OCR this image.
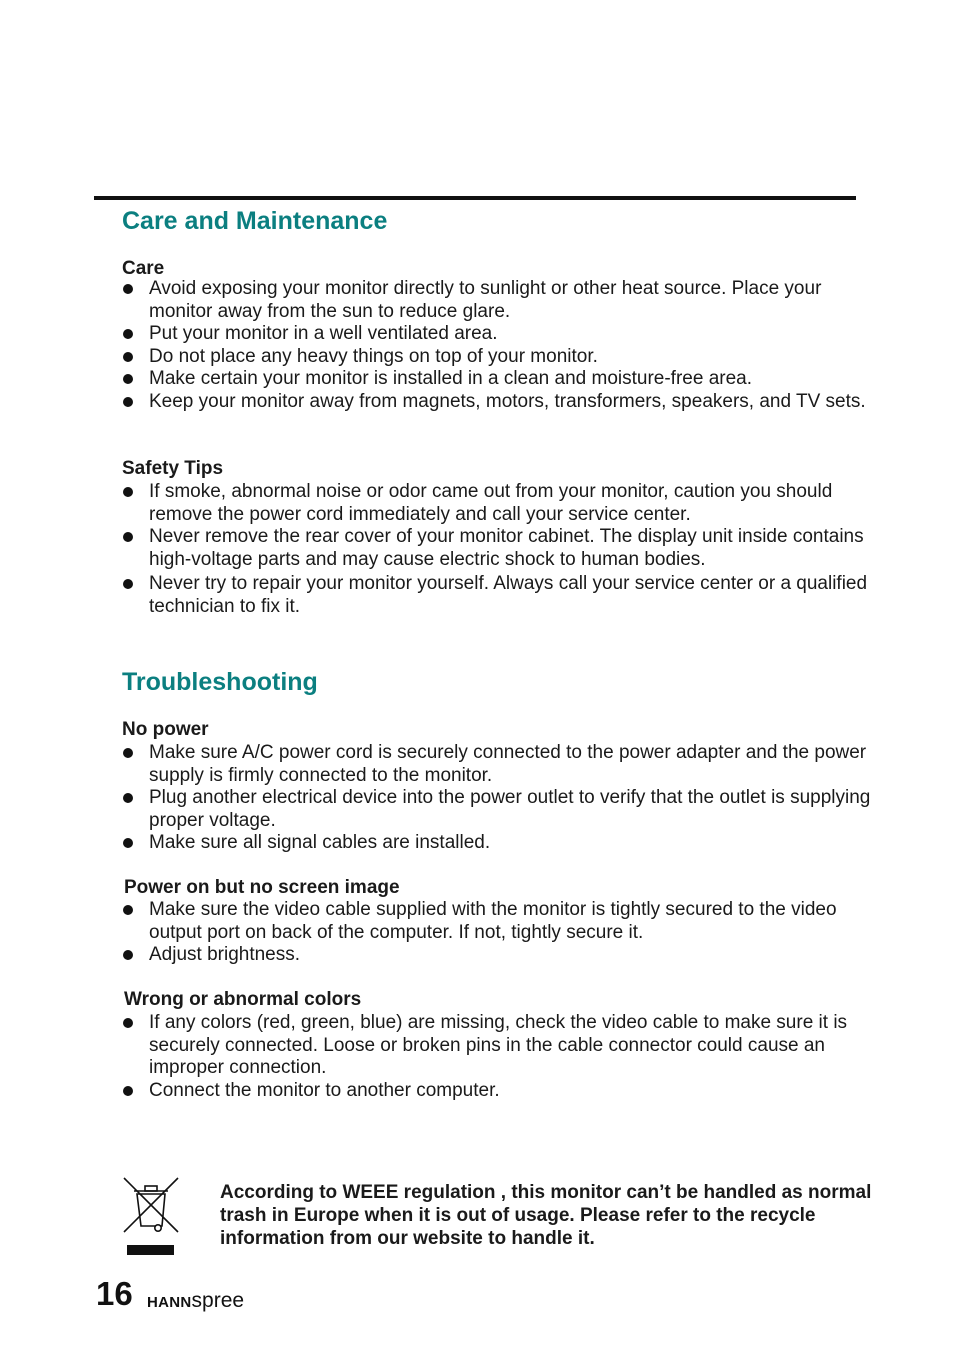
Care and Maintenance
Care
Avoid exposing your monitor directly to sunlight or other heat source. Place your monitor away from the sun to reduce glare.
Put your monitor in a well ventilated area.
Do not place any heavy things on top of your monitor.
Make certain your monitor is installed in a clean and moisture-free area.
Keep your monitor away from magnets, motors, transformers, speakers, and TV sets.
Safety Tips
If smoke, abnormal noise or odor came out from your monitor, caution you should remove the power cord immediately and call your service center.
Never remove the rear cover of your monitor cabinet. The display unit inside contains high-voltage parts and may cause electric shock to human bodies.
Never try to repair your monitor yourself. Always call your service center or a qualified technician to fix it.
Troubleshooting
No power
Make sure A/C power cord is securely connected to the power adapter and the power supply is firmly connected to the monitor.
Plug another electrical device into the power outlet to verify that the outlet is supplying proper voltage.
Make sure all signal cables are installed.
Power on but no screen image
Make sure the video cable supplied with the monitor is tightly secured to the video output port on back of the computer. If not, tightly secure it.
Adjust brightness.
Wrong or abnormal colors
If any colors (red, green, blue) are missing, check the video cable to make sure it is securely connected. Loose or broken pins in the cable connector could cause an improper connection.
Connect the monitor to another computer.

According to WEEE regulation , this monitor can’t be handled as normal trash in Europe when it is out of usage. Please refer to the recycle information from our website to handle it.

16 HANNspree
